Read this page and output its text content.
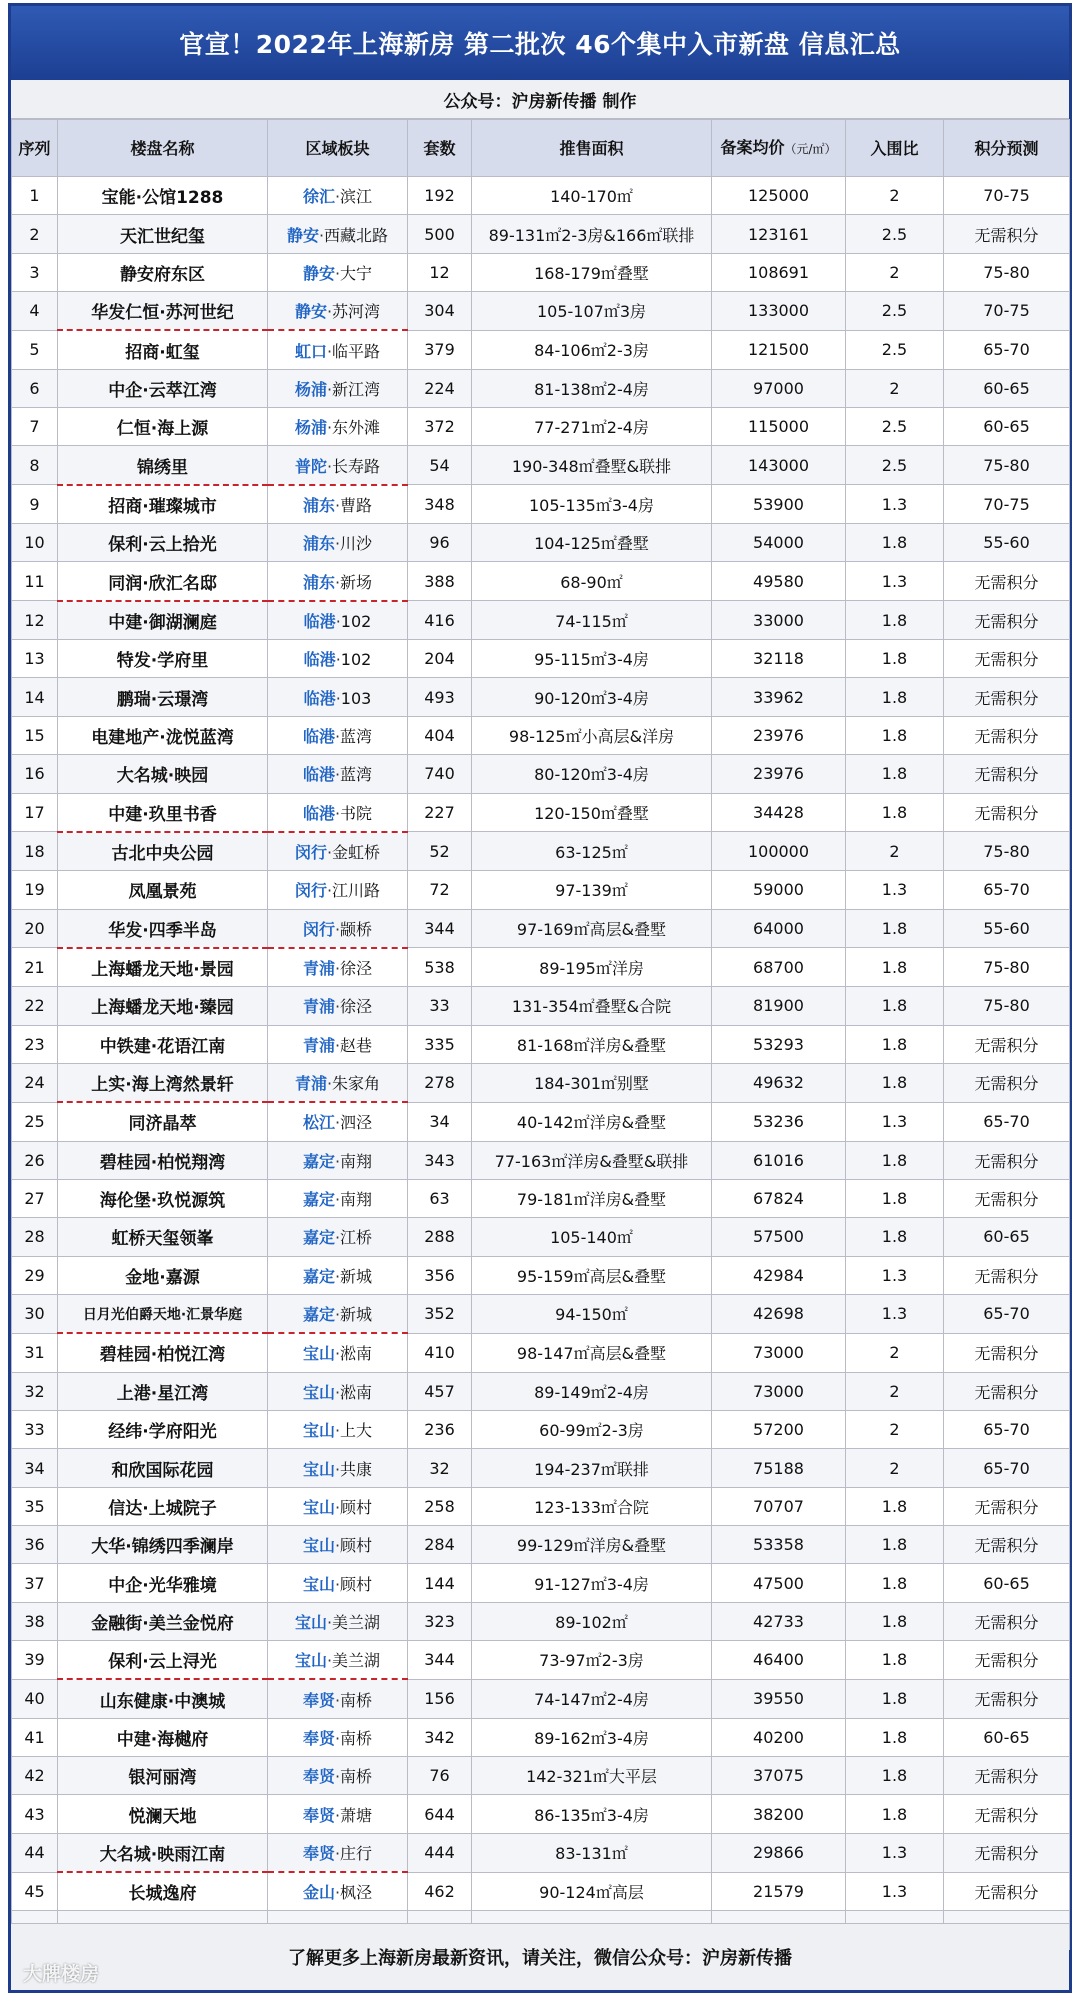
官宣！2022年上海新房 第二批次 46个集中入市新盘 信息汇总
公众号：沪房新传播 制作
序列	楼盘名称	区域板块	套数	推售面积	备案均价（元/㎡）	入围比	积分预测
1	宝能·公馆1288	徐汇·滨江	192	140-170㎡	125000	2	70-75
2	天汇世纪玺	静安·西藏北路	500	89-131㎡2-3房&166㎡联排	123161	2.5	无需积分
3	静安府东区	静安·大宁	12	168-179㎡叠墅	108691	2	75-80
4	华发仁恒·苏河世纪	静安·苏河湾	304	105-107㎡3房	133000	2.5	70-75
5	招商·虹玺	虹口·临平路	379	84-106㎡2-3房	121500	2.5	65-70
6	中企·云萃江湾	杨浦·新江湾	224	81-138㎡2-4房	97000	2	60-65
7	仁恒·海上源	杨浦·东外滩	372	77-271㎡2-4房	115000	2.5	60-65
8	锦绣里	普陀·长寿路	54	190-348㎡叠墅&联排	143000	2.5	75-80
9	招商·璀璨城市	浦东·曹路	348	105-135㎡3-4房	53900	1.3	70-75
10	保利·云上拾光	浦东·川沙	96	104-125㎡叠墅	54000	1.8	55-60
11	同润·欣汇名邸	浦东·新场	388	68-90㎡	49580	1.3	无需积分
12	中建·御湖澜庭	临港·102	416	74-115㎡	33000	1.8	无需积分
13	特发·学府里	临港·102	204	95-115㎡3-4房	32118	1.8	无需积分
14	鹏瑞·云璟湾	临港·103	493	90-120㎡3-4房	33962	1.8	无需积分
15	电建地产·泷悦蓝湾	临港·蓝湾	404	98-125㎡小高层&洋房	23976	1.8	无需积分
16	大名城·映园	临港·蓝湾	740	80-120㎡3-4房	23976	1.8	无需积分
17	中建·玖里书香	临港·书院	227	120-150㎡叠墅	34428	1.8	无需积分
18	古北中央公园	闵行·金虹桥	52	63-125㎡	100000	2	75-80
19	凤凰景苑	闵行·江川路	72	97-139㎡	59000	1.3	65-70
20	华发·四季半岛	闵行·颛桥	344	97-169㎡高层&叠墅	64000	1.8	55-60
21	上海蟠龙天地·景园	青浦·徐泾	538	89-195㎡洋房	68700	1.8	75-80
22	上海蟠龙天地·臻园	青浦·徐泾	33	131-354㎡叠墅&合院	81900	1.8	75-80
23	中铁建·花语江南	青浦·赵巷	335	81-168㎡洋房&叠墅	53293	1.8	无需积分
24	上实·海上湾然景轩	青浦·朱家角	278	184-301㎡别墅	49632	1.8	无需积分
25	同济晶萃	松江·泗泾	34	40-142㎡洋房&叠墅	53236	1.3	65-70
26	碧桂园·柏悦翔湾	嘉定·南翔	343	77-163㎡洋房&叠墅&联排	61016	1.8	无需积分
27	海伦堡·玖悦源筑	嘉定·南翔	63	79-181㎡洋房&叠墅	67824	1.8	无需积分
28	虹桥天玺领峯	嘉定·江桥	288	105-140㎡	57500	1.8	60-65
29	金地·嘉源	嘉定·新城	356	95-159㎡高层&叠墅	42984	1.3	无需积分
30	日月光伯爵天地·汇景华庭	嘉定·新城	352	94-150㎡	42698	1.3	65-70
31	碧桂园·柏悦江湾	宝山·淞南	410	98-147㎡高层&叠墅	73000	2	无需积分
32	上港·星江湾	宝山·淞南	457	89-149㎡2-4房	73000	2	无需积分
33	经纬·学府阳光	宝山·上大	236	60-99㎡2-3房	57200	2	65-70
34	和欣国际花园	宝山·共康	32	194-237㎡联排	75188	2	65-70
35	信达·上城院子	宝山·顾村	258	123-133㎡合院	70707	1.8	无需积分
36	大华·锦绣四季澜岸	宝山·顾村	284	99-129㎡洋房&叠墅	53358	1.8	无需积分
37	中企·光华雅境	宝山·顾村	144	91-127㎡3-4房	47500	1.8	60-65
38	金融街·美兰金悦府	宝山·美兰湖	323	89-102㎡	42733	1.8	无需积分
39	保利·云上浔光	宝山·美兰湖	344	73-97㎡2-3房	46400	1.8	无需积分
40	山东健康·中澳城	奉贤·南桥	156	74-147㎡2-4房	39550	1.8	无需积分
41	中建·海樾府	奉贤·南桥	342	89-162㎡3-4房	40200	1.8	60-65
42	银河丽湾	奉贤·南桥	76	142-321㎡大平层	37075	1.8	无需积分
43	悦澜天地	奉贤·萧塘	644	86-135㎡3-4房	38200	1.8	无需积分
44	大名城·映雨江南	奉贤·庄行	444	83-131㎡	29866	1.3	无需积分
45	长城逸府	金山·枫泾	462	90-124㎡高层	21579	1.3	无需积分

了解更多上海新房最新资讯，请关注，微信公众号：沪房新传播
大牌楼房
